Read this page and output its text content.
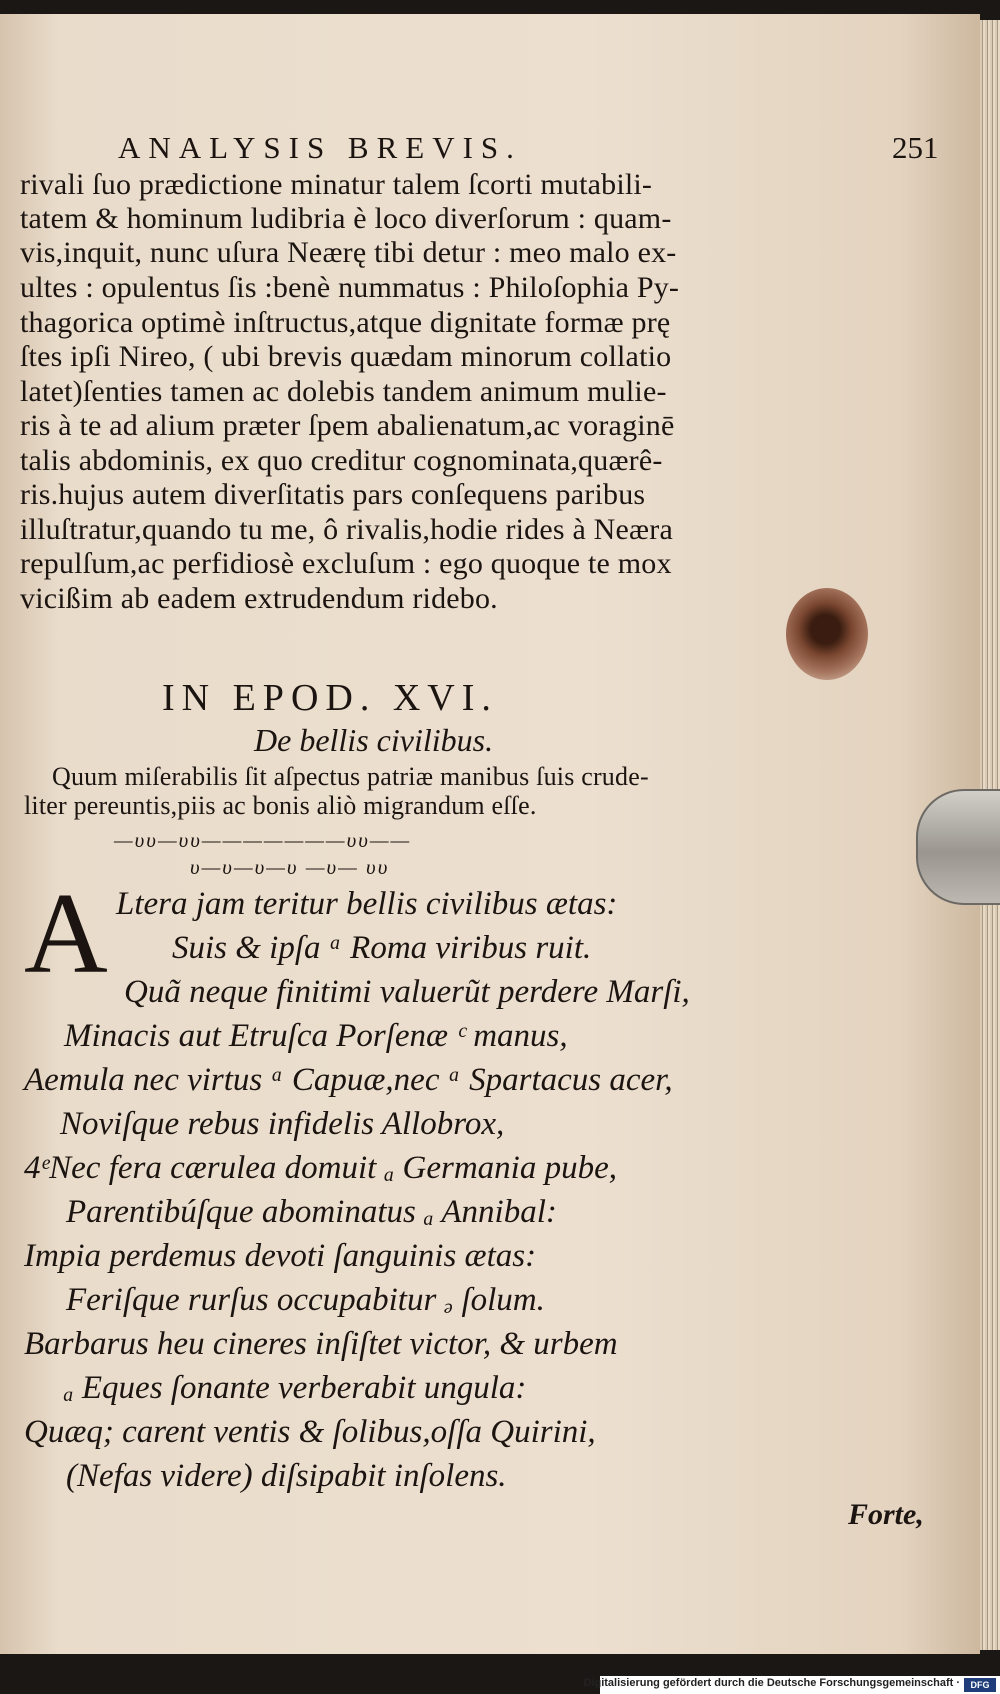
ANALYSIS BREVIS.	251
rivali ſuo prædictione minatur talem ſcorti mutabili-
tatem & hominum ludibria è loco diverſorum : quam-
vis,inquit, nunc uſura Neærę tibi detur : meo malo ex-
ultes : opulentus ſis :benè nummatus : Philoſophia Py-
thagorica optimè inſtructus,atque dignitate formæ prę
ſtes ipſi Nireo, ( ubi brevis quædam minorum collatio
latet)ſenties tamen ac dolebis tandem animum mulie-
ris à te ad alium præter ſpem abalienatum,ac voraginē
talis abdominis, ex quo creditur cognominata,quærê-
ris.hujus autem diverſitatis pars conſequens paribus
illuſtratur,quando tu me, ô rivalis,hodie rides à Neæra
repulſum,ac perfidiosè excluſum : ego quoque te mox
vicißim ab eadem extrudendum ridebo.
IN EPOD. XVI.
De bellis civilibus.
Quum miſerabilis ſit aſpectus patriæ manibus ſuis crude-
liter pereuntis,piis ac bonis aliò migrandum eſſe.
—υυ—υυ———————υυ——
υ—υ—υ—υ —υ— υυ
A Ltera jam teritur bellis civilibus ætas:
Suis & ipſa ᵃ Roma viribus ruit.
Quã neque finitimi valuerũt perdere Marſi,
Minacis aut Etruſca Porſenæ ᶜ manus,
Aemula nec virtus ᵃ Capuæ,nec ᵃ Spartacus acer,
Noviſque rebus infidelis Allobrox,
4ᵉNec fera cærulea domuit ₐ Germania pube,
Parentibúſque abominatus ₐ Annibal:
Impia perdemus devoti ſanguinis ætas:
Feriſque rurſus occupabitur ₔ ſolum.
Barbarus heu cineres inſiſtet victor, & urbem
ₐ Eques ſonante verberabit ungula:
Quæq; carent ventis & ſolibus,oſſa Quirini,
(Nefas videre) diſsipabit inſolens.
Forte,
Digitalisierung gefördert durch die Deutsche Forschungsgemeinschaft ·	DFG
